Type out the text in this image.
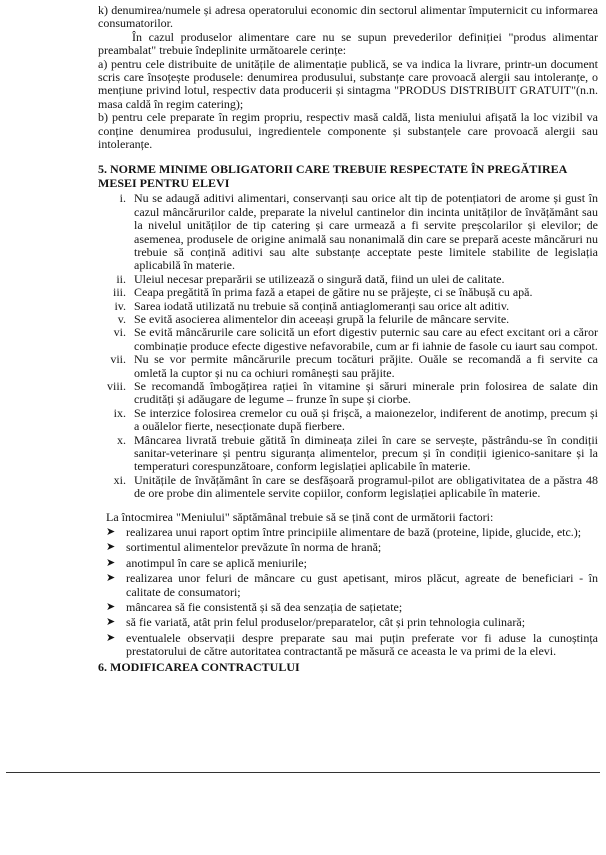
k) denumirea/numele și adresa operatorului economic din sectorul alimentar împuternicit cu informarea consumatorilor.

În cazul produselor alimentare care nu se supun prevederilor definiției "produs alimentar preambalat" trebuie îndeplinite următoarele cerințe:

a) pentru cele distribuite de unitățile de alimentație publică, se va indica la livrare, printr-un document scris care însoțește produsele: denumirea produsului, substanțe care provoacă alergii sau intoleranțe, o mențiune privind lotul, respectiv data producerii și sintagma "PRODUS DISTRIBUIT GRATUIT"(n.n. masa caldă în regim catering);

b) pentru cele preparate în regim propriu, respectiv masă caldă, lista meniului afișată la loc vizibil va conține denumirea produsului, ingredientele componente și substanțele care provoacă alergii sau intoleranțe.

5. NORME MINIME OBLIGATORII CARE TREBUIE RESPECTATE ÎN PREGĂTIREA MESEI PENTRU ELEVI

i. Nu se adaugă aditivi alimentari, conservanți sau orice alt tip de potențiatori de arome și gust în cazul mâncărurilor calde, preparate la nivelul cantinelor din incinta unităților de învățământ sau la nivelul unităților de tip catering și care urmează a fi servite preșcolarilor și elevilor; de asemenea, produsele de origine animală sau nonanimală din care se prepară aceste mâncăruri nu trebuie să conțină aditivi sau alte substanțe acceptate peste limitele stabilite de legislația aplicabilă în materie.
ii. Uleiul necesar preparării se utilizează o singură dată, fiind un ulei de calitate.
iii. Ceapa pregătită în prima fază a etapei de gătire nu se prăjește, ci se înăbușă cu apă.
iv. Sarea iodată utilizată nu trebuie să conțină antiaglomeranți sau orice alt aditiv.
v. Se evită asocierea alimentelor din aceeași grupă la felurile de mâncare servite.
vi. Se evită mâncărurile care solicită un efort digestiv puternic sau care au efect excitant ori a căror combinație produce efecte digestive nefavorabile, cum ar fi iahnie de fasole cu iaurt sau compot.
vii. Nu se vor permite mâncărurile precum tocături prăjite. Ouăle se recomandă a fi servite ca omletă la cuptor și nu ca ochiuri românești sau prăjite.
viii. Se recomandă îmbogățirea rației în vitamine și săruri minerale prin folosirea de salate din crudități și adăugare de legume – frunze în supe și ciorbe.
ix. Se interzice folosirea cremelor cu ouă și frișcă, a maionezelor, indiferent de anotimp, precum și a ouălelor fierte, nesecționate după fierbere.
x. Mâncarea livrată trebuie gătită în dimineața zilei în care se servește, păstrându-se în condiții sanitar-veterinare și pentru siguranța alimentelor, precum și în condiții igienico-sanitare și la temperaturi corespunzătoare, conform legislației aplicabile în materie.
xi. Unitățile de învățământ în care se desfășoară programul-pilot are obligativitatea de a păstra 48 de ore probe din alimentele servite copiilor, conform legislației aplicabile în materie.

La întocmirea "Meniului" săptămânal trebuie să se țină cont de următorii factori:

➤ realizarea unui raport optim între principiile alimentare de bază (proteine, lipide, glucide, etc.);
➤ sortimentul alimentelor prevăzute în norma de hrană;
➤ anotimpul în care se aplică meniurile;
➤ realizarea unor feluri de mâncare cu gust apetisant, miros plăcut, agreate de beneficiari - în calitate de consumatori;
➤ mâncarea să fie consistentă și să dea senzația de sațietate;
➤ să fie variată, atât prin felul produselor/preparatelor, cât și prin tehnologia culinară;
➤ eventualele observații despre preparate sau mai puțin preferate vor fi aduse la cunoștința prestatorului de către autoritatea contractantă pe măsură ce aceasta le va primi de la elevi.

6. MODIFICAREA CONTRACTULUI
